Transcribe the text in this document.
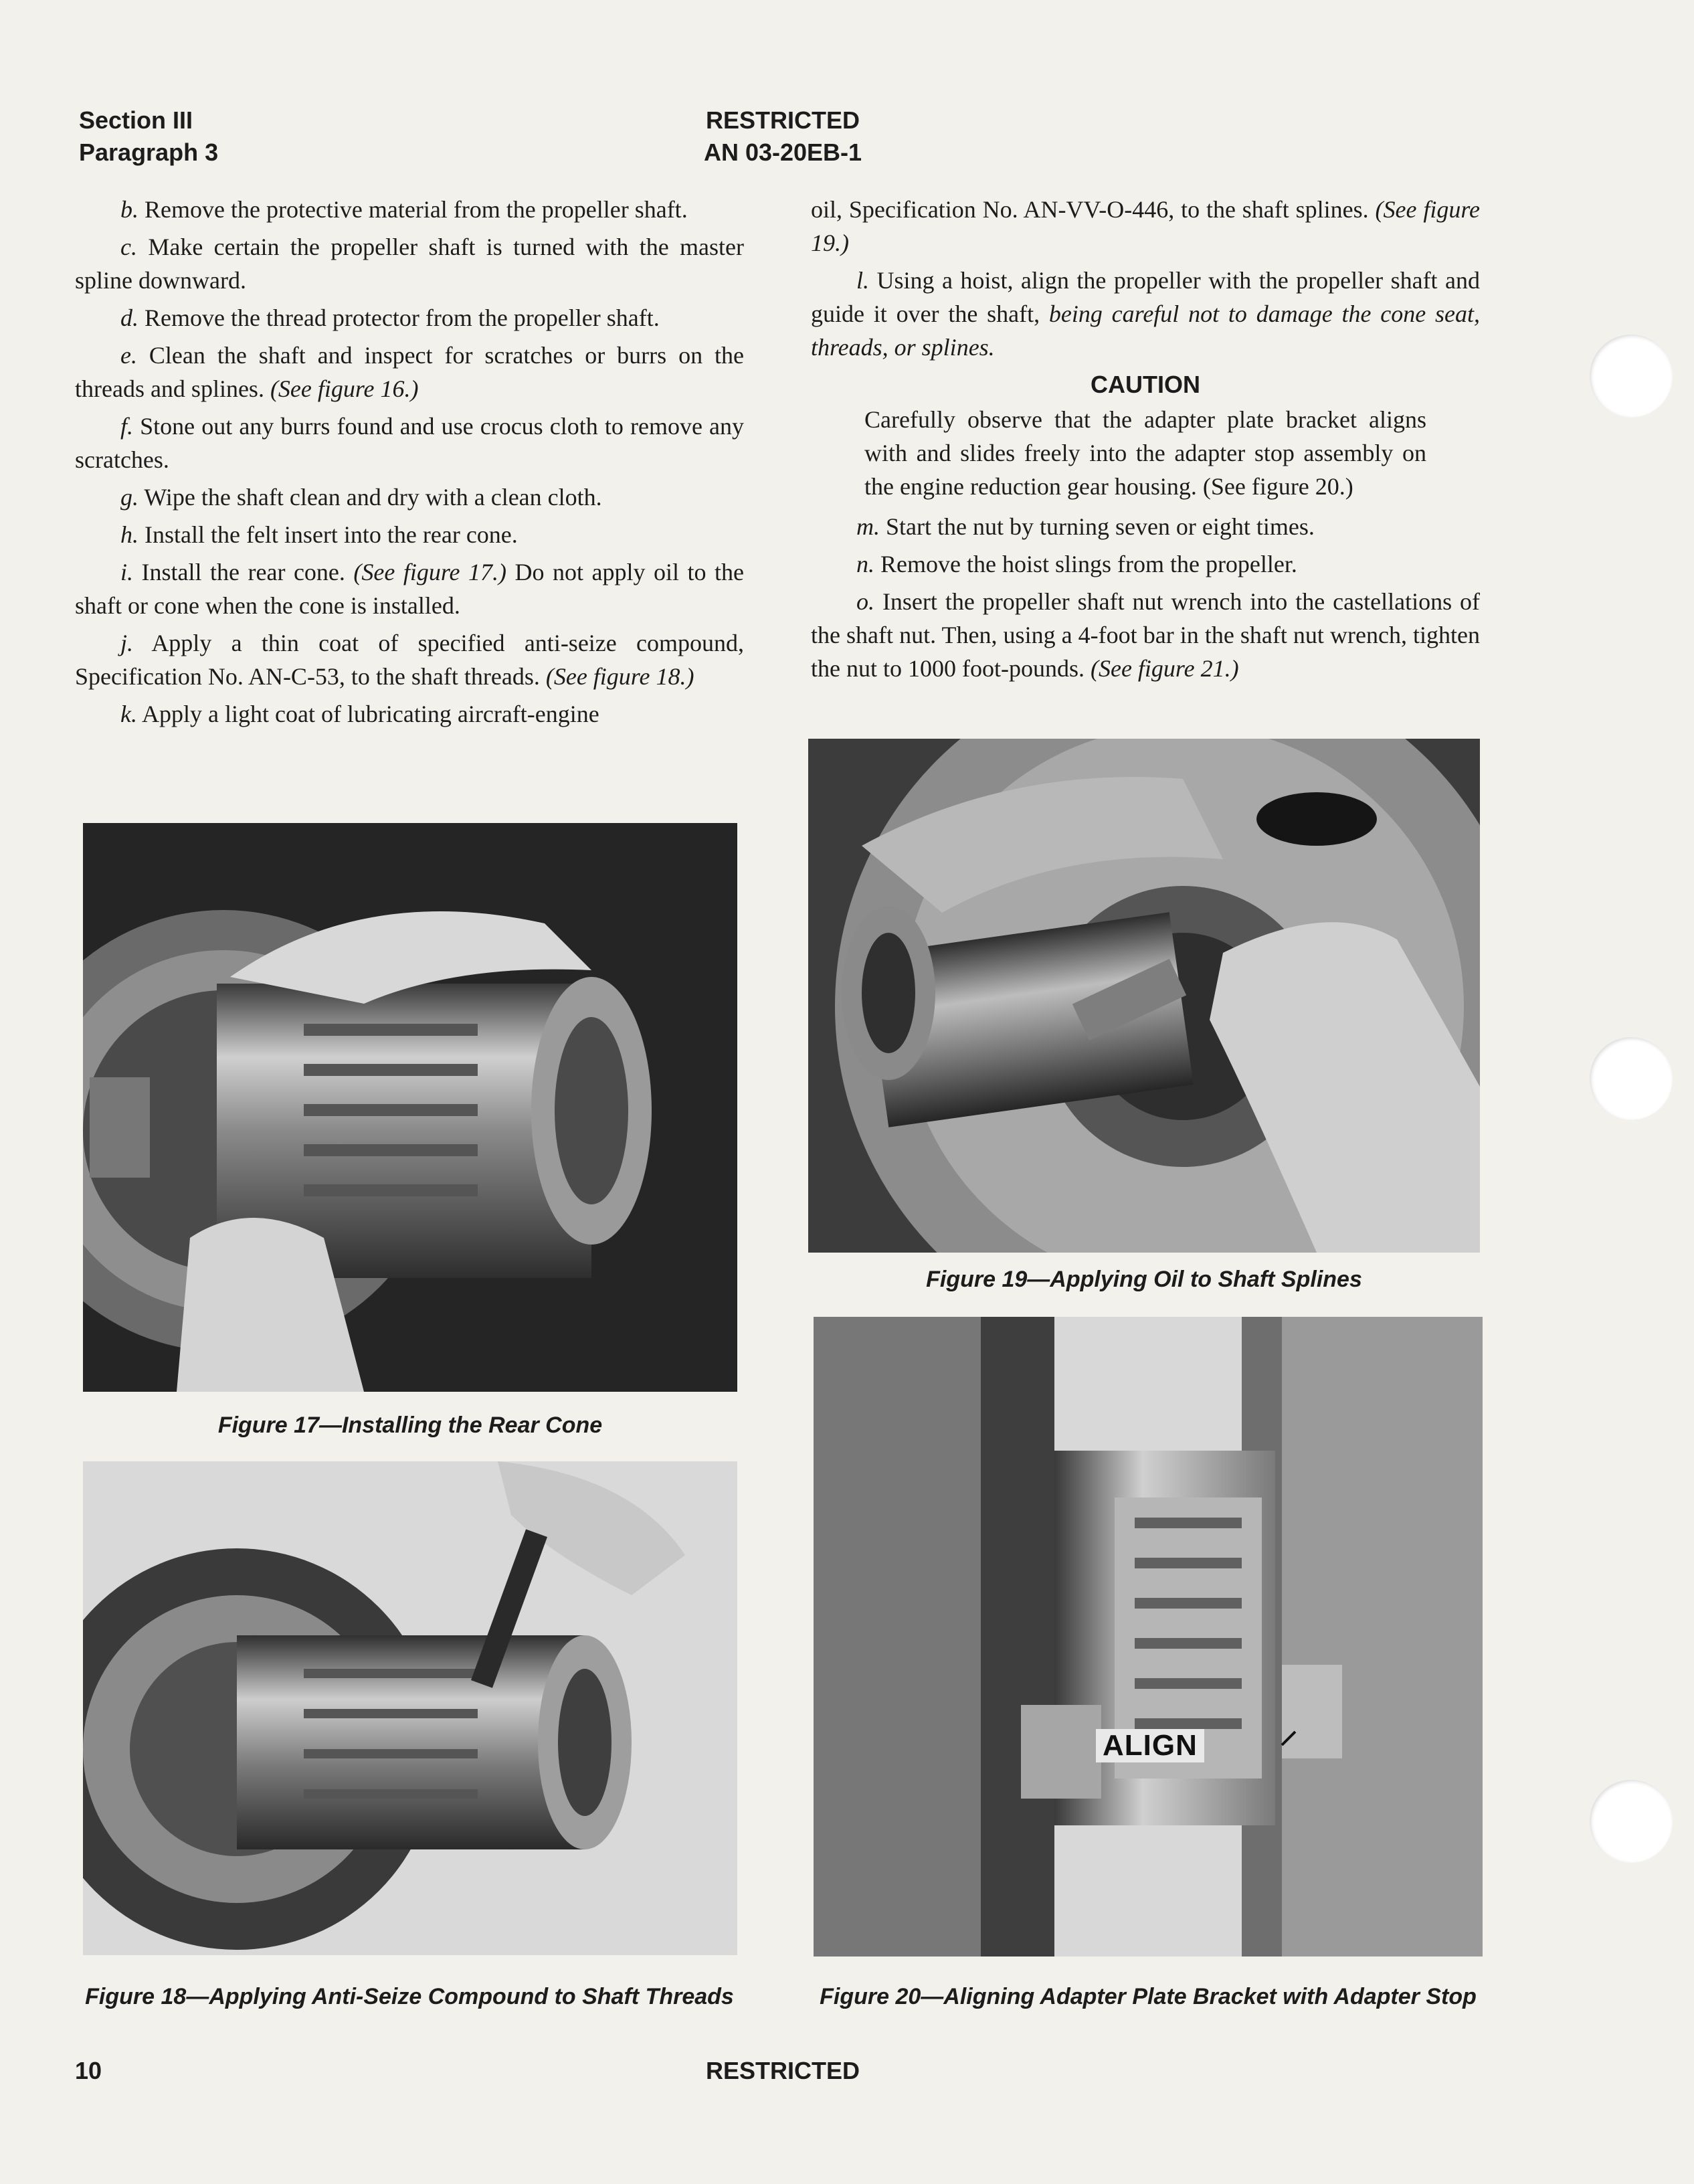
Section III
Paragraph 3
RESTRICTED
AN 03-20EB-1

b. Remove the protective material from the propeller shaft.

c. Make certain the propeller shaft is turned with the master spline downward.

d. Remove the thread protector from the propeller shaft.

e. Clean the shaft and inspect for scratches or burrs on the threads and splines. (See figure 16.)

f. Stone out any burrs found and use crocus cloth to remove any scratches.

g. Wipe the shaft clean and dry with a clean cloth.

h. Install the felt insert into the rear cone.

i. Install the rear cone. (See figure 17.) Do not apply oil to the shaft or cone when the cone is installed.

j. Apply a thin coat of specified anti-seize compound, Specification No. AN-C-53, to the shaft threads. (See figure 18.)

k. Apply a light coat of lubricating aircraft-engine

oil, Specification No. AN-VV-O-446, to the shaft splines. (See figure 19.)

l. Using a hoist, align the propeller with the propeller shaft and guide it over the shaft, being careful not to damage the cone seat, threads, or splines.

CAUTION

Carefully observe that the adapter plate bracket aligns with and slides freely into the adapter stop assembly on the engine reduction gear housing. (See figure 20.)

m. Start the nut by turning seven or eight times.

n. Remove the hoist slings from the propeller.

o. Insert the propeller shaft nut wrench into the castellations of the shaft nut. Then, using a 4-foot bar in the shaft nut wrench, tighten the nut to 1000 foot-pounds. (See figure 21.)

Figure 17—Installing the Rear Cone
Figure 18—Applying Anti-Seize Compound to Shaft Threads
Figure 19—Applying Oil to Shaft Splines
ALIGN
Figure 20—Aligning Adapter Plate Bracket with Adapter Stop
10	RESTRICTED
